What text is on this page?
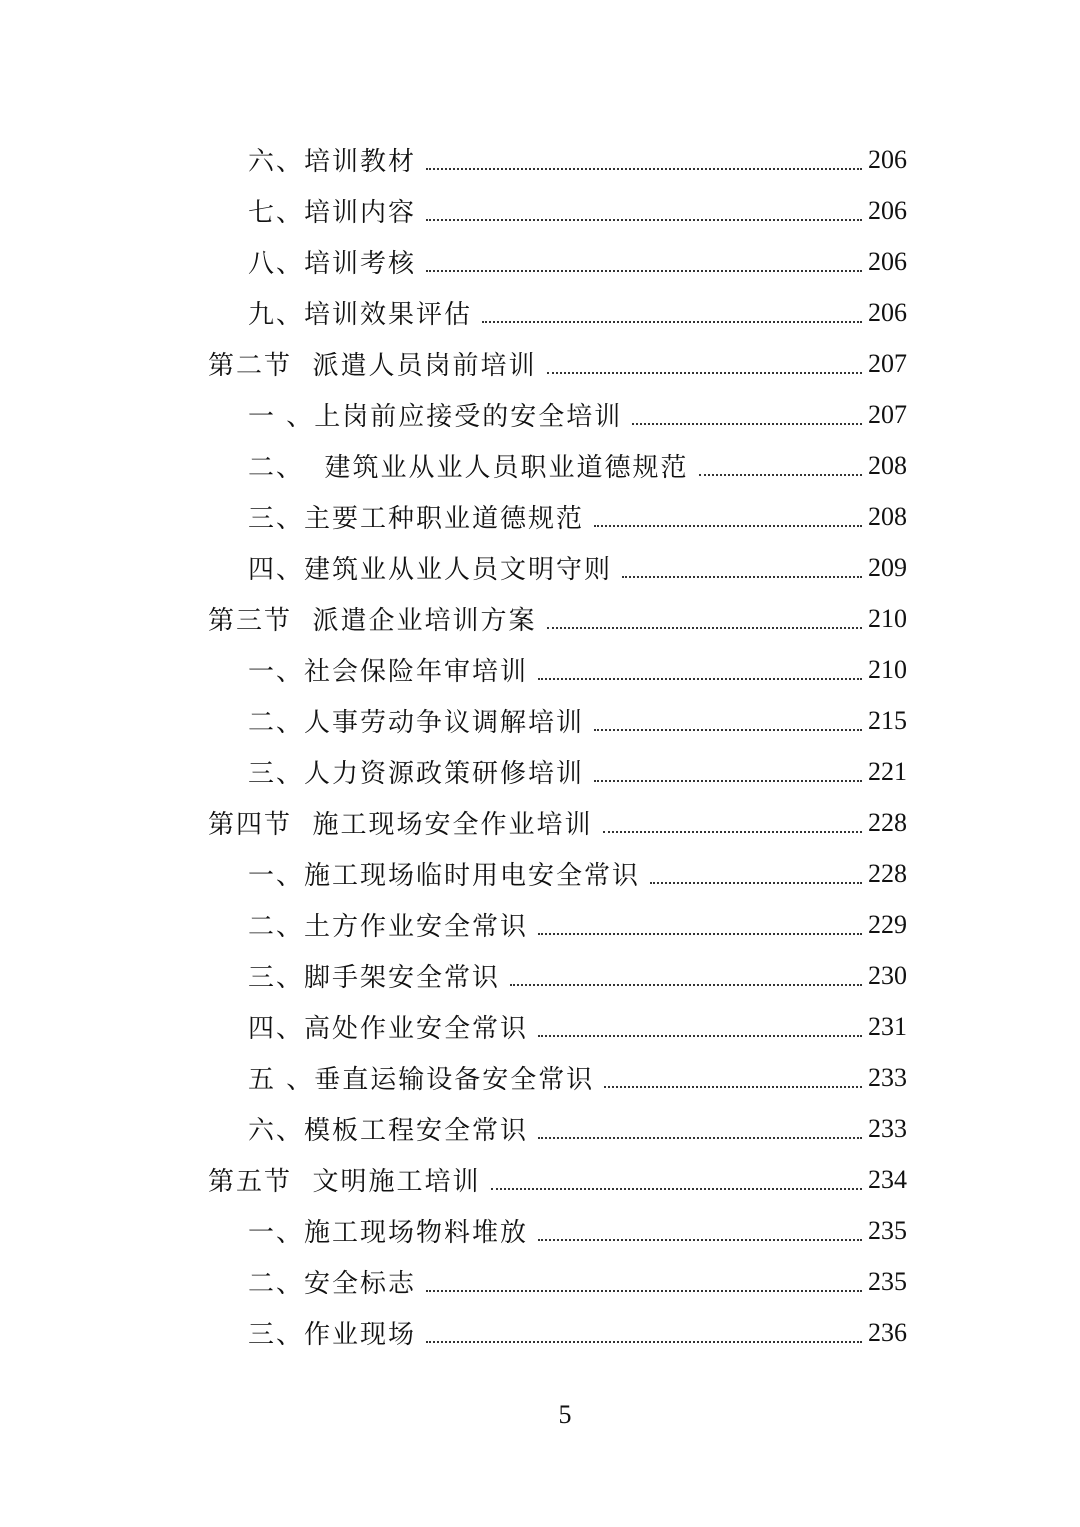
六、培训教材	206
七、培训内容	206
八、培训考核	206
九、培训效果评估	206
第二节  派遣人员岗前培训	207
一 、上岗前应接受的安全培训	207
二、  建筑业从业人员职业道德规范	208
三、主要工种职业道德规范	208
四、建筑业从业人员文明守则	209
第三节  派遣企业培训方案	210
一、社会保险年审培训	210
二、人事劳动争议调解培训	215
三、人力资源政策研修培训	221
第四节  施工现场安全作业培训	228
一、施工现场临时用电安全常识	228
二、土方作业安全常识	229
三、脚手架安全常识	230
四、高处作业安全常识	231
五 、垂直运输设备安全常识	233
六、模板工程安全常识	233
第五节  文明施工培训	234
一、施工现场物料堆放	235
二、安全标志	235
三、作业现场	236
5
